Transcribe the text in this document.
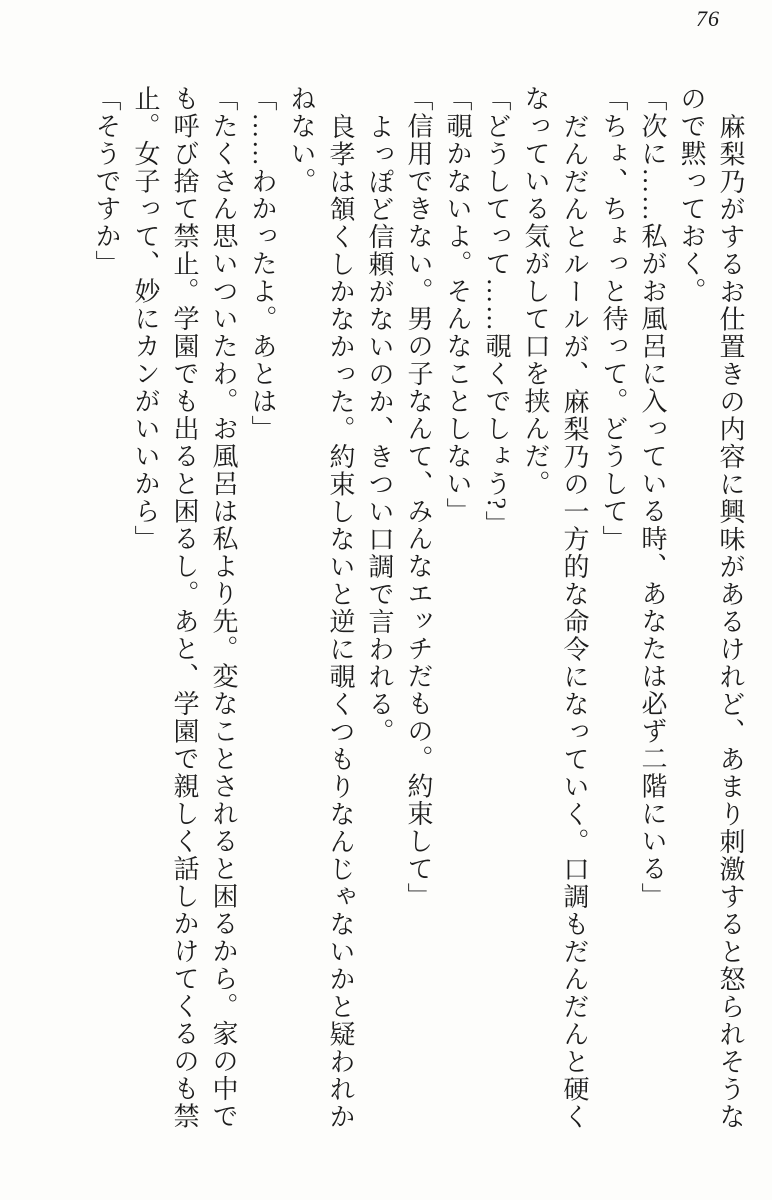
76

麻梨乃がするお仕置きの内容に興味があるけれど、あまり刺激すると怒られそうな

ので黙っておく。

「次に……私がお風呂に入っている時、あなたは必ず二階にいる」

「ちょ、ちょっと待って。どうして」

だんだんとルールが、麻梨乃の一方的な命令になっていく。口調もだんだんと硬く

なっている気がして口を挟んだ。

「どうしてって……覗くでしょう?」

「覗かないよ。そんなことしない」

「信用できない。男の子なんて、みんなエッチだもの。約束して」

よっぽど信頼がないのか、きつい口調で言われる。

良孝は頷くしかなかった。約束しないと逆に覗くつもりなんじゃないかと疑われか

ねない。

「……わかったよ。あとは」

「たくさん思いついたわ。お風呂は私より先。変なことされると困るから。家の中で

も呼び捨て禁止。学園でも出ると困るし。あと、学園で親しく話しかけてくるのも禁

止。女子って、妙にカンがいいから」

「そうですか」
